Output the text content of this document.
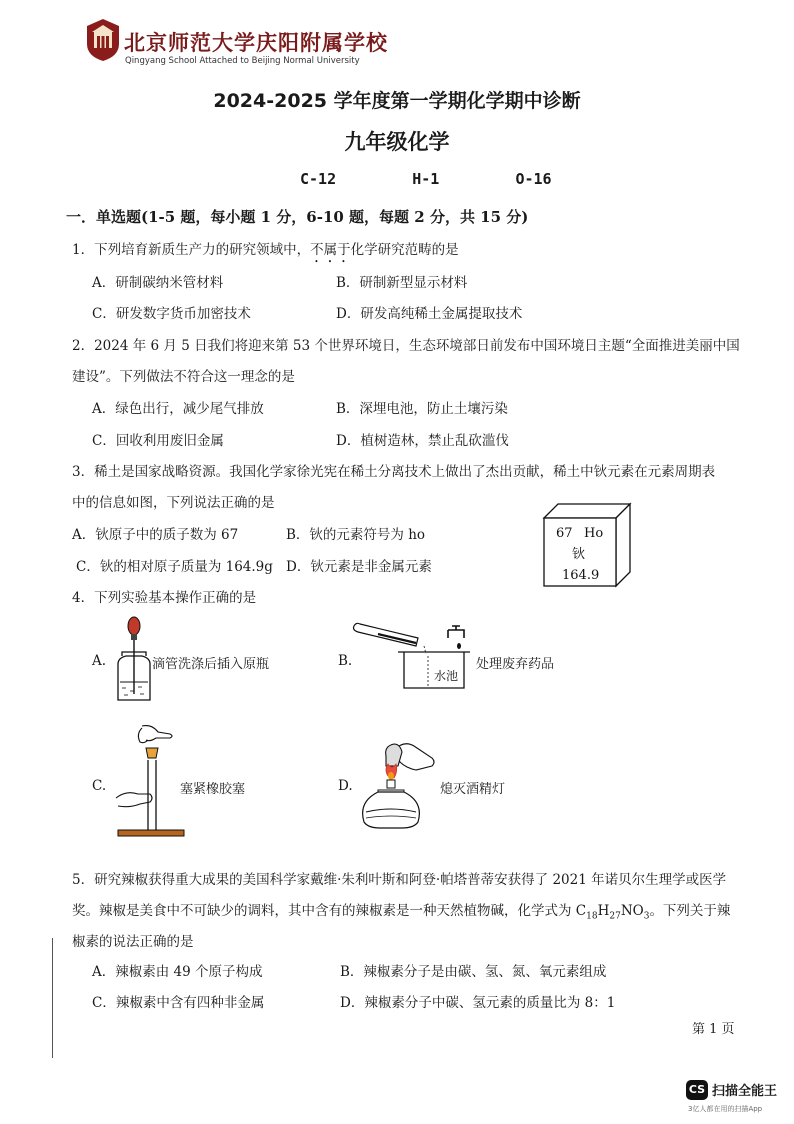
北京师范大学庆阳附属学校
Qingyang School Attached to Beijing Normal University
2024-2025 学年度第一学期化学期中诊断
九年级化学
C-12    H-1    O-16
一．单选题(1-5 题，每小题 1 分，6-10 题，每题 2 分，共 15 分)
1．下列培育新质生产力的研究领域中，不属于化学研究范畴的是
A．研制碳纳米管材料	B．研制新型显示材料
C．研发数字货币加密技术	D．研发高纯稀土金属提取技术
2．2024 年 6 月 5 日我们将迎来第 53 个世界环境日，生态环境部日前发布中国环境日主题“全面推进美丽中国
建设”。下列做法不符合这一理念的是
A．绿色出行，减少尾气排放	B．深埋电池，防止土壤污染
C．回收利用废旧金属	D．植树造林，禁止乱砍滥伐
3．稀土是国家战略资源。我国化学家徐光宪在稀土分离技术上做出了杰出贡献，稀土中钬元素在元素周期表
中的信息如图，下列说法正确的是
A．钬原子中的质子数为 67	B．钬的元素符号为 ho
C．钬的相对原子质量为 164.9g D．钬元素是非金属元素
67 Ho
钬
164.9
4．下列实验基本操作正确的是
A.	滴管洗涤后插入原瓶	B.
水池
处理废弃药品
C.	塞紧橡胶塞	D.	熄灭酒精灯
5．研究辣椒获得重大成果的美国科学家戴维·朱利叶斯和阿登·帕塔普蒂安获得了 2021 年诺贝尔生理学或医学
奖。辣椒是美食中不可缺少的调料，其中含有的辣椒素是一种天然植物碱，化学式为 $C_{18}H_{27}NO_3$。下列关于辣
椒素的说法正确的是
A．辣椒素由 49 个原子构成	B．辣椒素分子是由碳、氢、氮、氧元素组成
C．辣椒素中含有四种非金属	D．辣椒素分子中碳、氢元素的质量比为 8：1
第 1 页
CS 扫描全能王
3亿人都在用的扫描App
